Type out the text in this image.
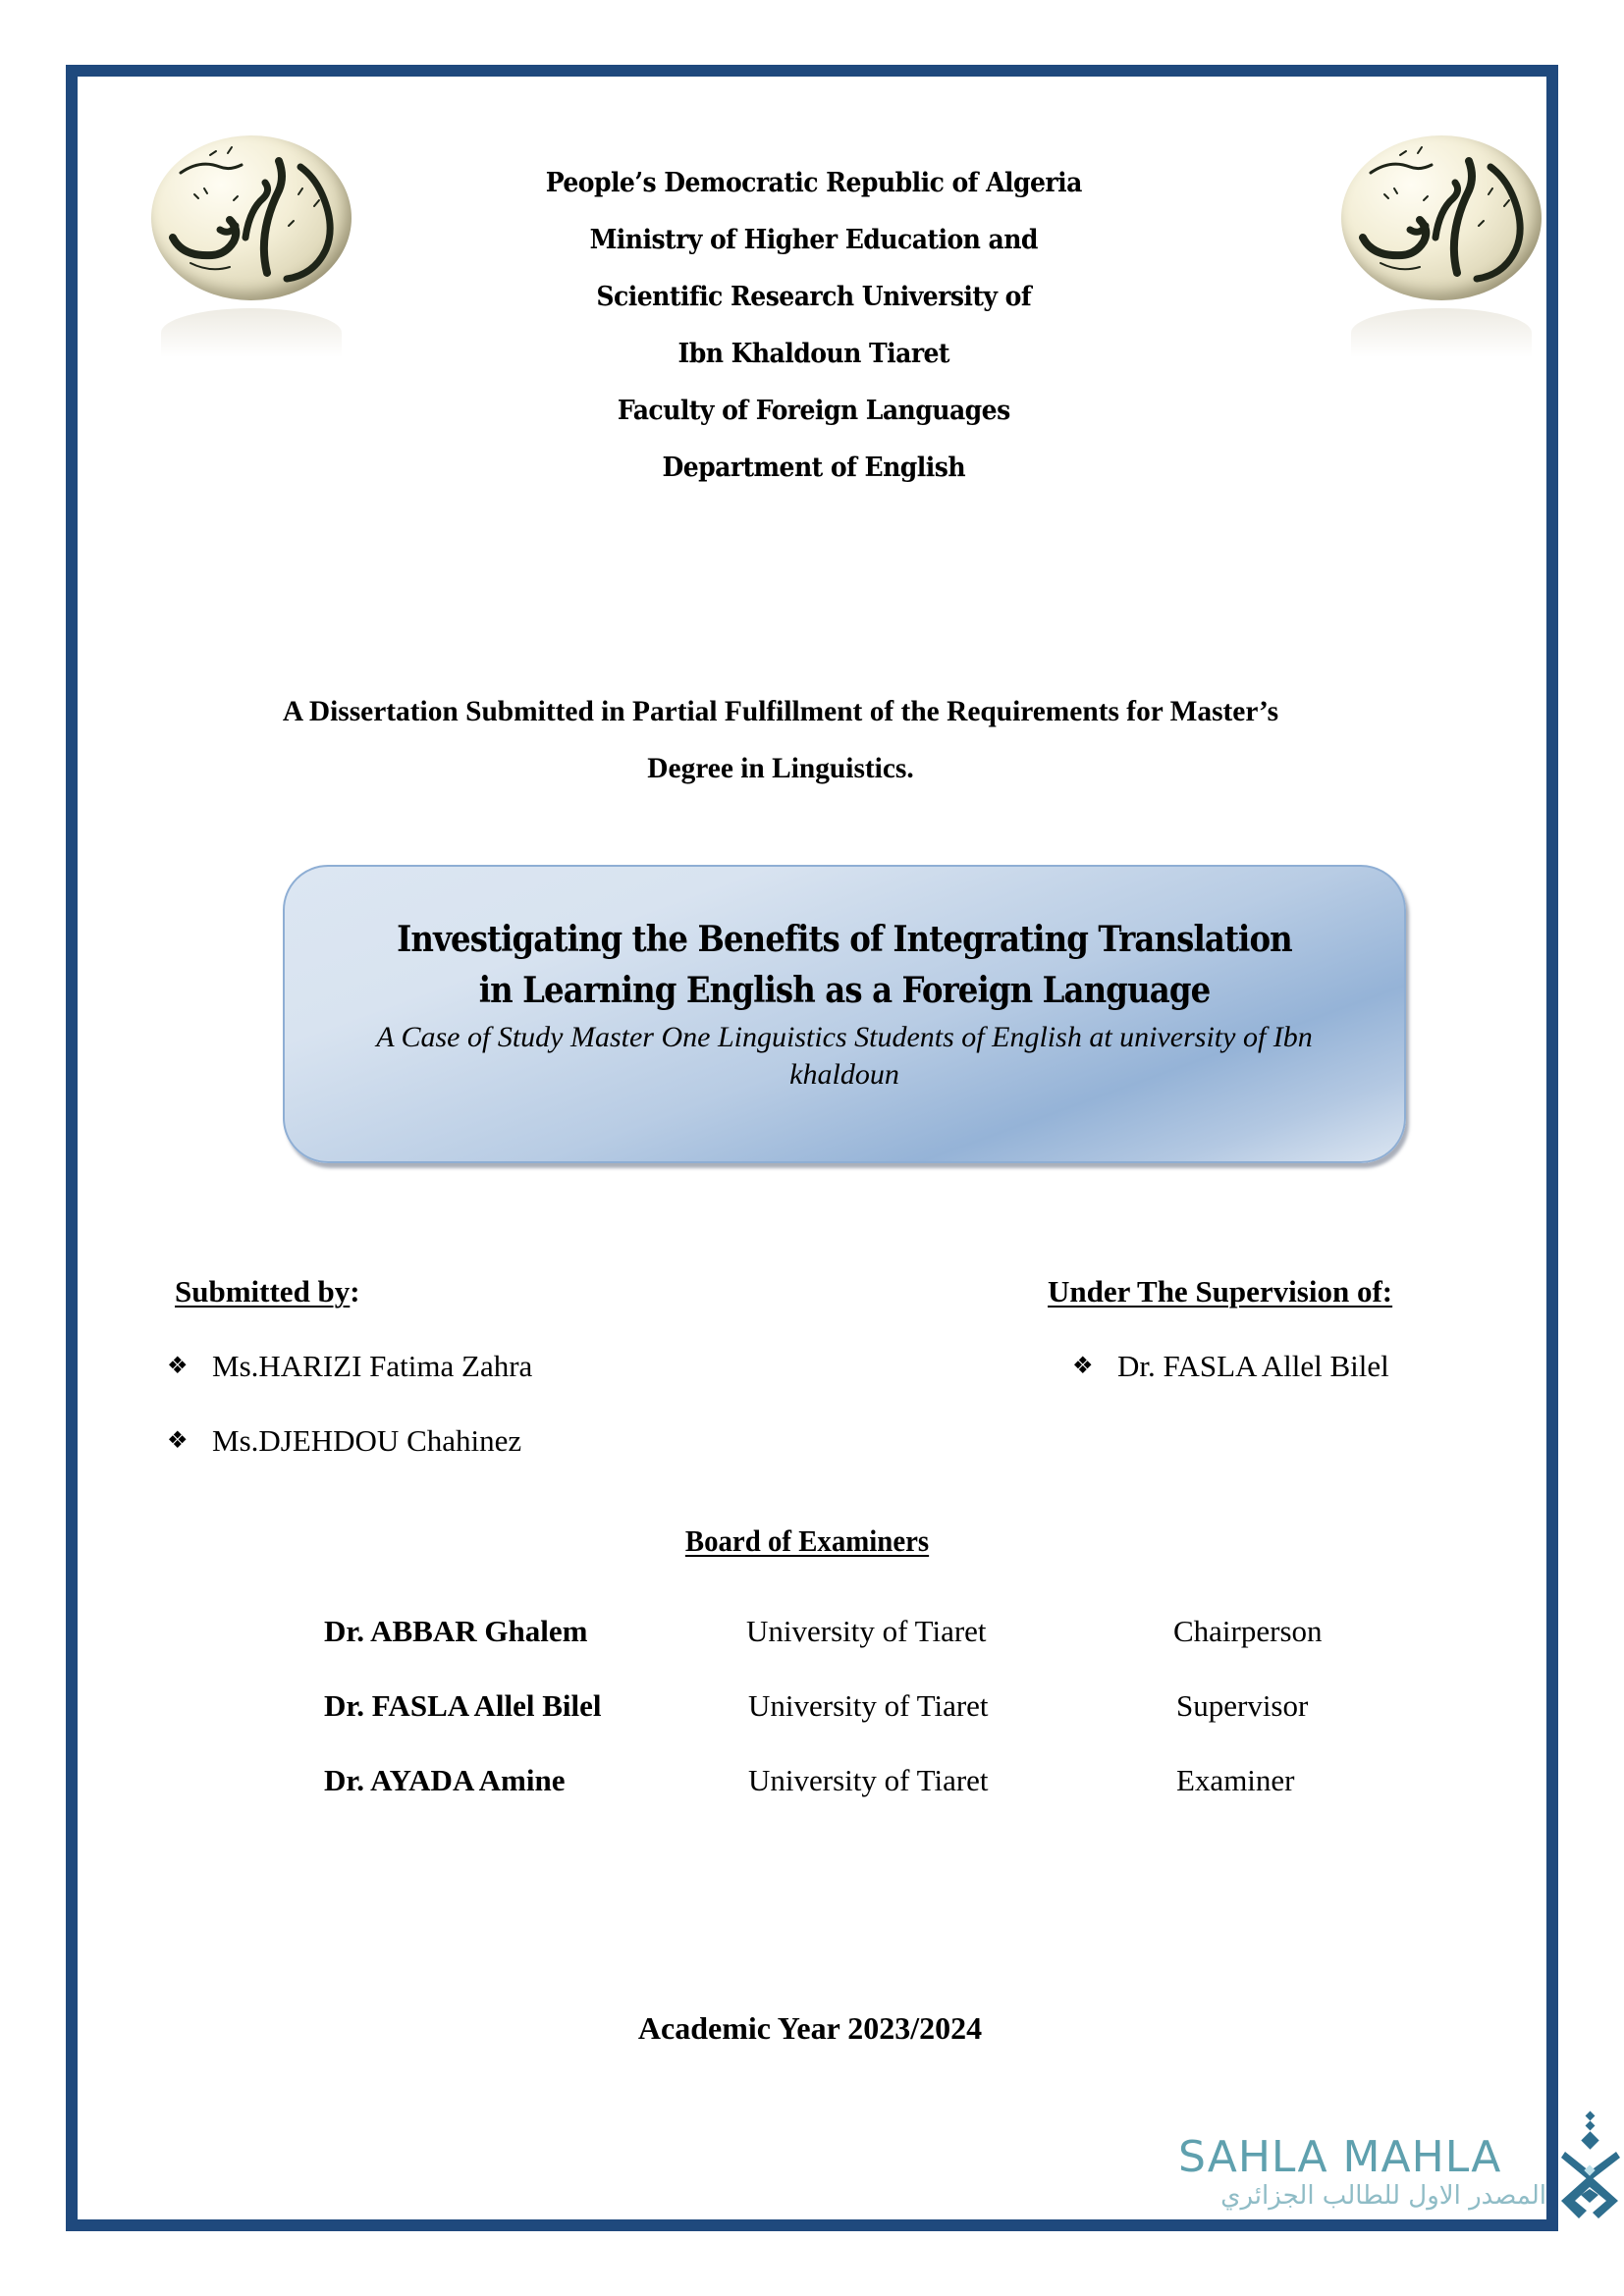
People’s Democratic Republic of Algeria
Ministry of Higher Education and
Scientific Research University of
Ibn Khaldoun Tiaret
Faculty of Foreign Languages
Department of English
A Dissertation Submitted in Partial Fulfillment of the Requirements for Master’s
Degree in Linguistics.
Investigating the Benefits of Integrating Translation
in Learning English as a Foreign Language
A Case of Study Master One Linguistics Students of English at university of Ibn
khaldoun
Submitted by:
❖ Ms.HARIZI Fatima Zahra
❖ Ms.DJEHDOU Chahinez
Under The Supervision of:
❖ Dr. FASLA Allel Bilel
Board of Examiners
Dr. ABBAR Ghalem	University of Tiaret	Chairperson
Dr. FASLA Allel Bilel	University of Tiaret	Supervisor
Dr. AYADA Amine	University of Tiaret	Examiner
Academic Year 2023/2024
SAHLA MAHLA
المصدر الاول للطالب الجزائري
